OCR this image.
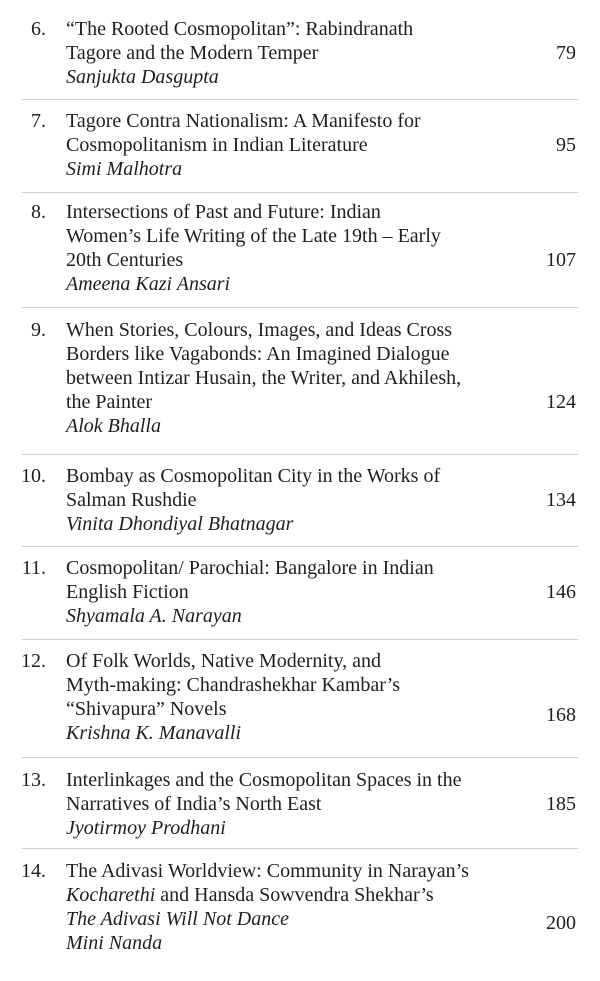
6. “The Rooted Cosmopolitan”: Rabindranath
Tagore and the Modern Temper
Sanjukta Dasgupta
79
7. Tagore Contra Nationalism: A Manifesto for
Cosmopolitanism in Indian Literature
Simi Malhotra
95
8. Intersections of Past and Future: Indian
Women’s Life Writing of the Late 19th – Early
20th Centuries
Ameena Kazi Ansari
107
9. When Stories, Colours, Images, and Ideas Cross
Borders like Vagabonds: An Imagined Dialogue
between Intizar Husain, the Writer, and Akhilesh,
the Painter
Alok Bhalla
124
10. Bombay as Cosmopolitan City in the Works of
Salman Rushdie
Vinita Dhondiyal Bhatnagar
134
11. Cosmopolitan/ Parochial: Bangalore in Indian
English Fiction
Shyamala A. Narayan
146
12. Of Folk Worlds, Native Modernity, and
Myth-making: Chandrashekhar Kambar’s
“Shivapura” Novels
Krishna K. Manavalli
168
13. Interlinkages and the Cosmopolitan Spaces in the
Narratives of India’s North East
Jyotirmoy Prodhani
185
14. The Adivasi Worldview: Community in Narayan’s
Kocharethi and Hansda Sowvendra Shekhar’s
The Adivasi Will Not Dance
Mini Nanda
200
